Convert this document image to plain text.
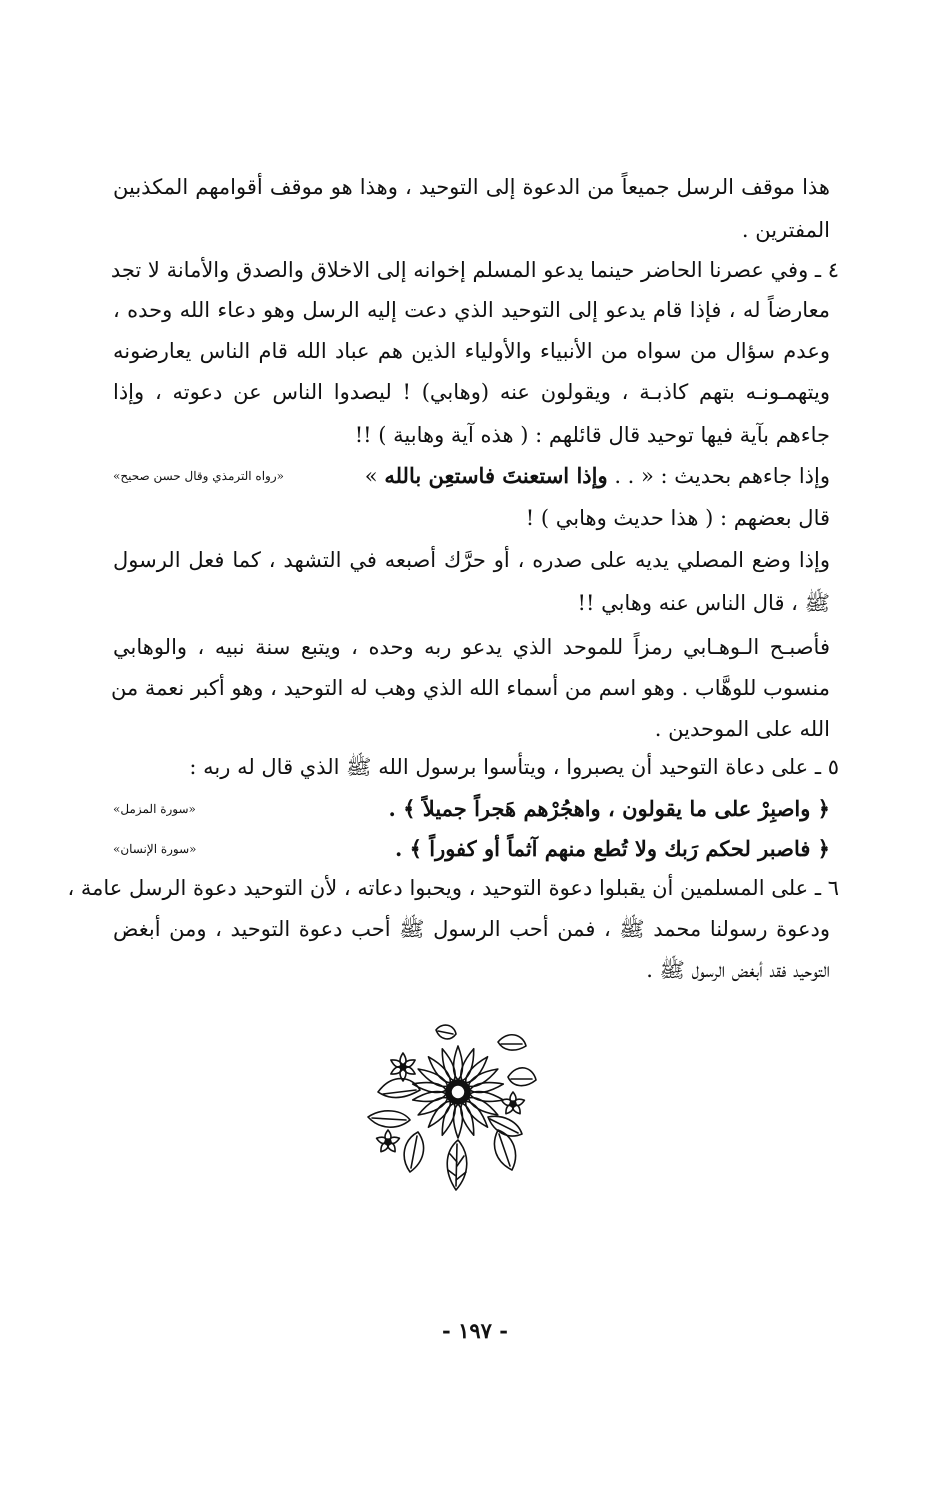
هذا موقف الرسل جميعاً من الدعوة إلى التوحيد ، وهذا هو موقف أقوامهم المكذبين

المفترين .

٤ ـ وفي عصرنا الحاضر حينما يدعو المسلم إخوانه إلى الاخلاق والصدق والأمانة لا تجد

معارضاً له ، فإذا قام يدعو إلى التوحيد الذي دعت إليه الرسل وهو دعاء الله وحده ،

وعدم سؤال من سواه من الأنبياء والأولياء الذين هم عباد الله قام الناس يعارضونه

ويتهمـونـه بتهم كاذبـة ، ويقولون عنه (وهابي) ! ليصدوا الناس عن دعوته ، وإذا

جاءهم بآية فيها توحيد قال قائلهم : ( هذه آية وهابية ) !!

وإذا جاءهم بحديث : « . . وإذا استعنتَ فاستعِن بالله »

«رواه الترمذي وقال حسن صحيح»

قال بعضهم : ( هذا حديث وهابي ) !

وإذا وضع المصلي يديه على صدره ، أو حرَّك أصبعه في التشهد ، كما فعل الرسول

ﷺ ، قال الناس عنه وهابي !!

فأصبـح الـوهـابي رمزاً للموحد الذي يدعو ربه وحده ، ويتبع سنة نبيه ، والوهابي

منسوب للوهَّاب . وهو اسم من أسماء الله الذي وهب له التوحيد ، وهو أكبر نعمة من

الله على الموحدين .

٥ ـ على دعاة التوحيد أن يصبروا ، ويتأسوا برسول الله ﷺ الذي قال له ربه :

﴿ واصبِرْ على ما يقولون ، واهجُرْهم هَجراً جميلاً ﴾ .
«سورة المزمل»
﴿ فاصبر لحكم رَبك ولا تُطع منهم آثماً أو كفوراً ﴾ .
«سورة الإنسان»

٦ ـ على المسلمين أن يقبلوا دعوة التوحيد ، ويحبوا دعاته ، لأن التوحيد دعوة الرسل عامة ،

ودعوة رسولنا محمد ﷺ ، فمن أحب الرسول ﷺ أحب دعوة التوحيد ، ومن أبغض

التوحيد فقد أبغض الرسول ﷺ .

- ١٩٧ -
